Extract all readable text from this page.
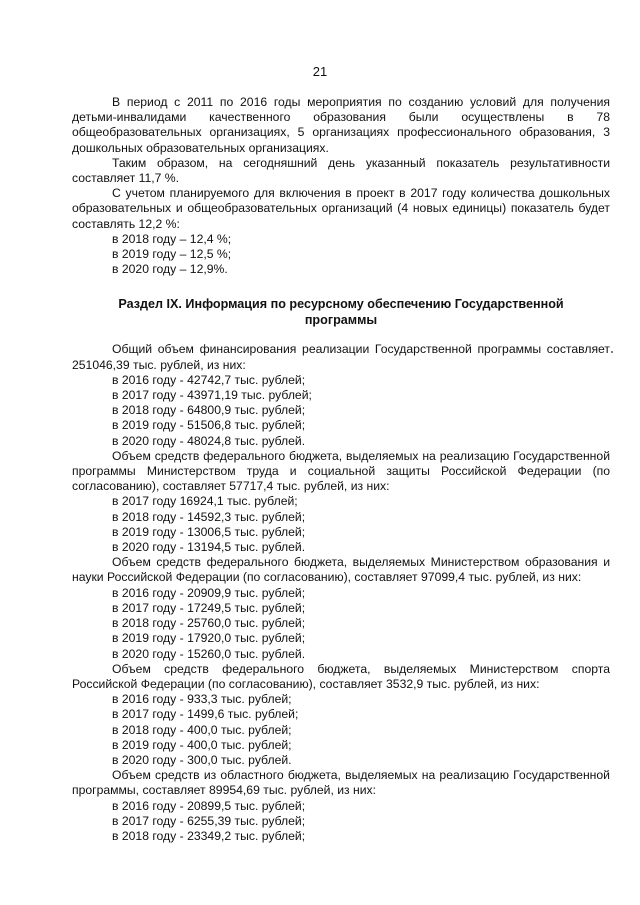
21

В период с 2011 по 2016 годы мероприятия по созданию условий для получения детьми-инвалидами качественного образования были осуществлены в 78 общеобразовательных организациях, 5 организациях профессионального образования, 3 дошкольных образовательных организациях.

Таким образом, на сегодняшний день указанный показатель результативности составляет 11,7 %.

С учетом планируемого для включения в проект в 2017 году количества дошкольных образовательных и общеобразовательных организаций (4 новых единицы) показатель будет составлять 12,2 %:

в 2018 году – 12,4 %;

в 2019 году – 12,5 %;

в 2020 году – 12,9%.

Раздел IX. Информация по ресурсному обеспечению Государственной программы

Общий объем финансирования реализации Государственной программы составляет 251046,39 тыс. рублей, из них:

в 2016 году - 42742,7 тыс. рублей;

в 2017 году - 43971,19 тыс. рублей;

в 2018 году - 64800,9 тыс. рублей;

в 2019 году - 51506,8 тыс. рублей;

в 2020 году - 48024,8 тыс. рублей.

Объем средств федерального бюджета, выделяемых на реализацию Государственной программы Министерством труда и социальной защиты Российской Федерации (по согласованию), составляет 57717,4 тыс. рублей, из них:

в 2017 году 16924,1 тыс. рублей;

в 2018 году - 14592,3 тыс. рублей;

в 2019 году - 13006,5 тыс. рублей;

в 2020 году - 13194,5 тыс. рублей.

Объем средств федерального бюджета, выделяемых Министерством образования и науки Российской Федерации (по согласованию), составляет 97099,4 тыс. рублей, из них:

в 2016 году - 20909,9 тыс. рублей;

в 2017 году - 17249,5 тыс. рублей;

в 2018 году - 25760,0 тыс. рублей;

в 2019 году - 17920,0 тыс. рублей;

в 2020 году - 15260,0 тыс. рублей.

Объем средств федерального бюджета, выделяемых Министерством спорта Российской Федерации (по согласованию), составляет 3532,9 тыс. рублей, из них:

в 2016 году - 933,3 тыс. рублей;

в 2017 году - 1499,6 тыс. рублей;

в 2018 году - 400,0 тыс. рублей;

в 2019 году - 400,0 тыс. рублей;

в 2020 году - 300,0 тыс. рублей.

Объем средств из областного бюджета, выделяемых на реализацию Государственной программы, составляет 89954,69 тыс. рублей, из них:

в 2016 году - 20899,5 тыс. рублей;

в 2017 году - 6255,39 тыс. рублей;

в 2018 году - 23349,2 тыс. рублей;
